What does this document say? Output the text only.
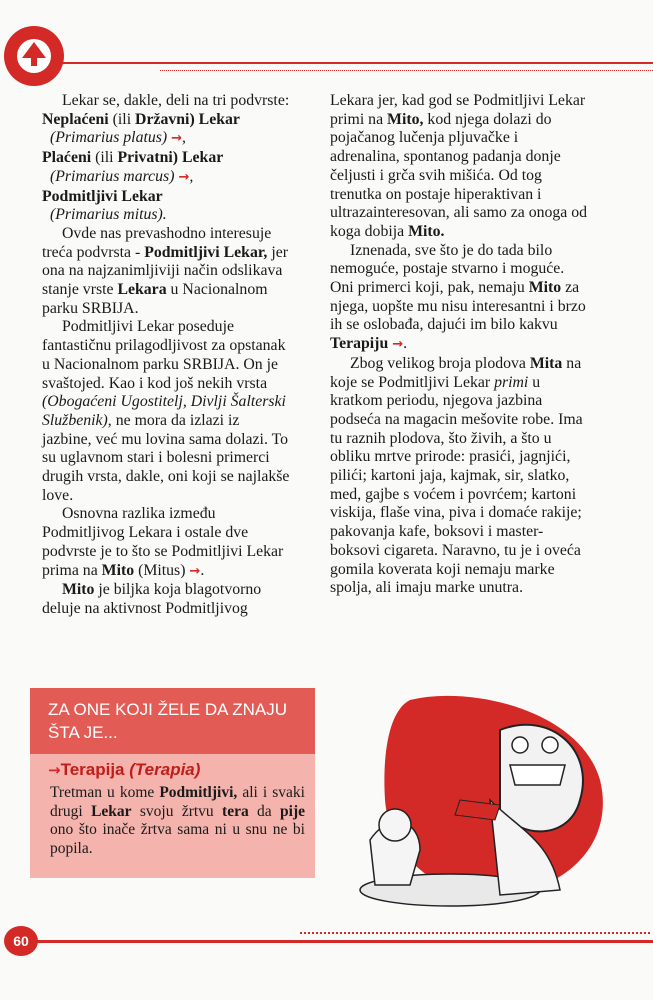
Lekar se, dakle, deli na tri podvrste:

Neplaćeni (ili Državni) Lekar

(Primarius platus) →,

Plaćeni (ili Privatni) Lekar

(Primarius marcus) →,

Podmitljivi Lekar

(Primarius mitus).

Ovde nas prevashodno interesuje treća podvrsta - Podmitljivi Lekar, jer ona na najzanimljiviji način odslikava stanje vrste Lekara u Nacionalnom parku SRBIJA.

Podmitljivi Lekar poseduje fantastičnu prilagodljivost za opstanak u Nacionalnom parku SRBIJA. On je svaštojed. Kao i kod još nekih vrsta (Obogaćeni Ugostitelj, Divlji Šalterski Službenik), ne mora da izlazi iz jazbine, već mu lovina sama dolazi. To su uglavnom stari i bolesni primerci drugih vrsta, dakle, oni koji se najlakše love.

Osnovna razlika između Podmitljivog Lekara i ostale dve podvrste je to što se Podmitljivi Lekar prima na Mito (Mitus) →.

Mito je biljka koja blagotvorno deluje na aktivnost Podmitljivog

Lekara jer, kad god se Podmitljivi Lekar primi na Mito, kod njega dolazi do pojačanog lučenja pljuvačke i adrenalina, spontanog padanja donje čeljusti i grča svih mišića. Od tog trenutka on postaje hiperaktivan i ultrazainteresovan, ali samo za onoga od koga dobija Mito.

Iznenada, sve što je do tada bilo nemoguće, postaje stvarno i moguće. Oni primerci koji, pak, nemaju Mito za njega, uopšte mu nisu interesantni i brzo ih se oslobađa, dajući im bilo kakvu Terapiju →.

Zbog velikog broja plodova Mita na koje se Podmitljivi Lekar primi u kratkom periodu, njegova jazbina podseća na magacin mešovite robe. Ima tu raznih plodova, što živih, a što u obliku mrtve prirode: prasići, jagnjići, pilići; kartoni jaja, kajmak, sir, slatko, med, gajbe s voćem i povrćem; kartoni viskija, flaše vina, piva i domaće rakije; pakovanja kafe, boksovi i master-boksovi cigareta. Naravno, tu je i oveća gomila koverata koji nemaju marke spolja, ali imaju marke unutra.

ZA ONE KOJI ŽELE DA ZNAJU ŠTA JE...
→Terapija (Terapia)
Tretman u kome Podmitljivi, ali i svaki drugi Lekar svoju žrtvu tera da pije ono što inače žrtva sama ni u snu ne bi popila.
60
